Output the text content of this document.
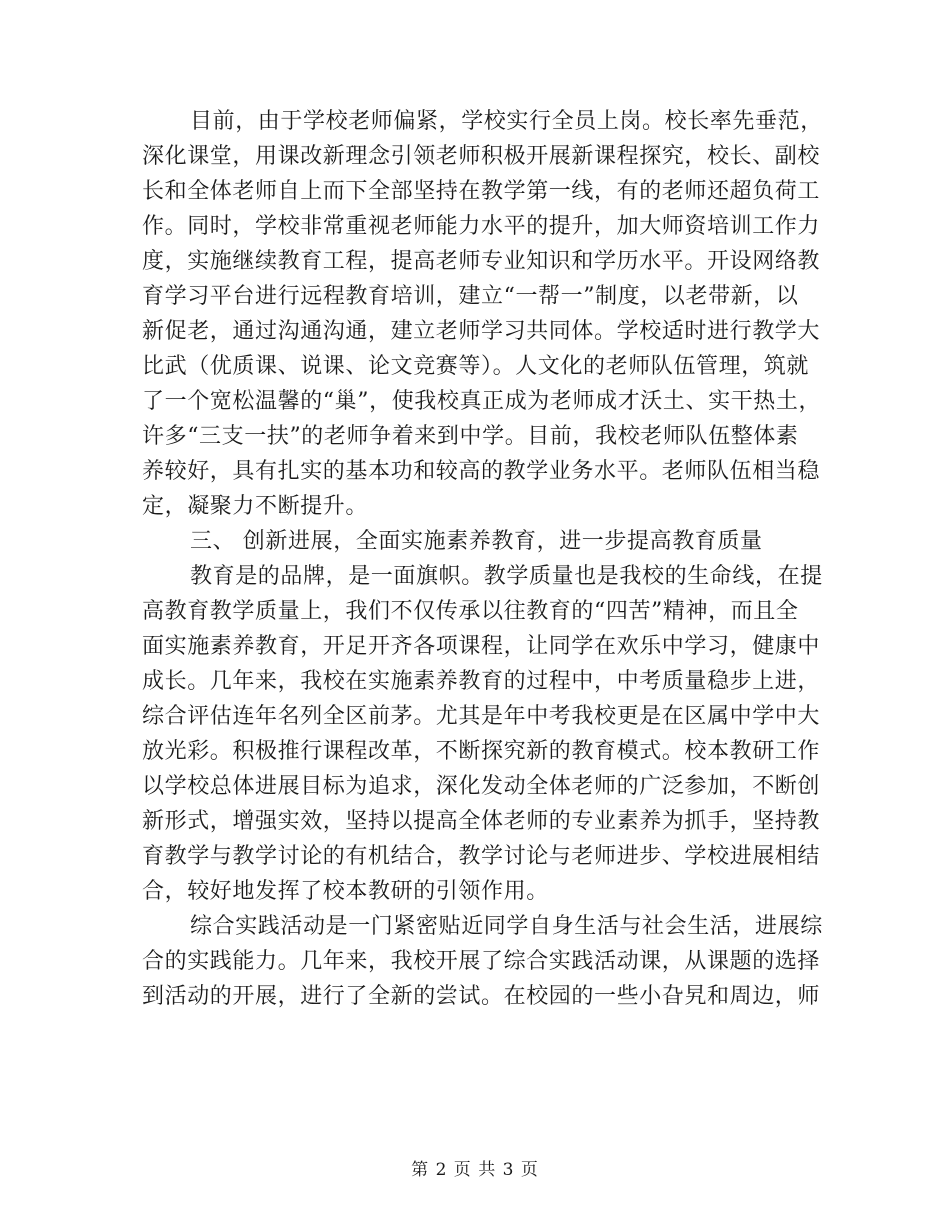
目前，由于学校老师偏紧，学校实行全员上岗。校长率先垂范，
深化课堂，用课改新理念引领老师积极开展新课程探究，校长、副校
长和全体老师自上而下全部坚持在教学第一线，有的老师还超负荷工
作。同时，学校非常重视老师能力水平的提升，加大师资培训工作力
度，实施继续教育工程，提高老师专业知识和学历水平。开设网络教
育学习平台进行远程教育培训，建立“一帮一”制度，以老带新，以
新促老，通过沟通沟通，建立老师学习共同体。学校适时进行教学大
比武（优质课、说课、论文竞赛等）。人文化的老师队伍管理，筑就
了一个宽松温馨的“巢”，使我校真正成为老师成才沃土、实干热土，
许多“三支一扶”的老师争着来到中学。目前，我校老师队伍整体素
养较好，具有扎实的基本功和较高的教学业务水平。老师队伍相当稳
定，凝聚力不断提升。
三、 创新进展，全面实施素养教育，进一步提高教育质量
教育是的品牌，是一面旗帜。教学质量也是我校的生命线，在提
高教育教学质量上，我们不仅传承以往教育的“四苦”精神，而且全
面实施素养教育，开足开齐各项课程，让同学在欢乐中学习，健康中
成长。几年来，我校在实施素养教育的过程中，中考质量稳步上进，
综合评估连年名列全区前茅。尤其是年中考我校更是在区属中学中大
放光彩。积极推行课程改革，不断探究新的教育模式。校本教研工作
以学校总体进展目标为追求，深化发动全体老师的广泛参加，不断创
新形式，增强实效，坚持以提高全体老师的专业素养为抓手，坚持教
育教学与教学讨论的有机结合，教学讨论与老师进步、学校进展相结
合，较好地发挥了校本教研的引领作用。
综合实践活动是一门紧密贴近同学自身生活与社会生活，进展综
合的实践能力。几年来，我校开展了综合实践活动课，从课题的选择
到活动的开展，进行了全新的尝试。在校园的一些小旮旯和周边，师
第 2 页 共 3 页
